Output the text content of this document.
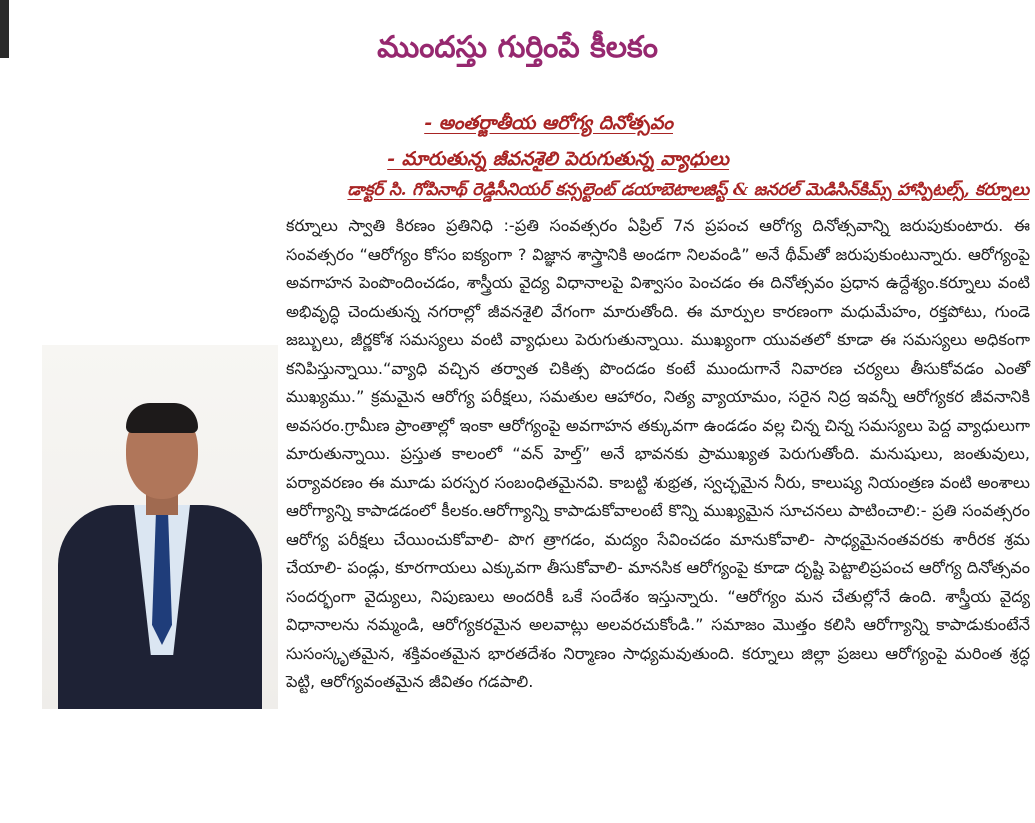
ముందస్తు గుర్తింపే కీలకం
- అంతర్జాతీయ ఆరోగ్య దినోత్సవం
- మారుతున్న జీవనశైలి పెరుగుతున్న వ్యాధులు
డాక్టర్ సి. గోపినాథ్ రెడ్డిసీనియర్ కన్సల్టెంట్ డయాబెటాలజిస్ట్ & జనరల్ మెడిసిన్‌కిమ్స్ హాస్పిటల్స్, కర్నూలు

కర్నూలు స్వాతి కిరణం ప్రతినిధి :-ప్రతి సంవత్సరం ఏప్రిల్ 7న ప్రపంచ ఆరోగ్య దినోత్సవాన్ని జరుపుకుంటారు. ఈ సంవత్సరం “ఆరోగ్యం కోసం ఐక్యంగా ? విజ్ఞాన శాస్త్రానికి అండగా నిలవండి” అనే థీమ్‌తో జరుపుకుంటున్నారు. ఆరోగ్యంపై అవగాహన పెంపొందించడం, శాస్త్రీయ వైద్య విధానాలపై విశ్వాసం పెంచడం ఈ దినోత్సవం ప్రధాన ఉద్దేశ్యం.కర్నూలు వంటి అభివృద్ధి చెందుతున్న నగరాల్లో జీవనశైలి వేగంగా మారుతోంది. ఈ మార్పుల కారణంగా మధుమేహం, రక్తపోటు, గుండె జబ్బులు, జీర్ణకోశ సమస్యలు వంటి వ్యాధులు పెరుగుతున్నాయి. ముఖ్యంగా యువతలో కూడా ఈ సమస్యలు అధికంగా కనిపిస్తున్నాయి.“వ్యాధి వచ్చిన తర్వాత చికిత్స పొందడం కంటే ముందుగానే నివారణ చర్యలు తీసుకోవడం ఎంతో ముఖ్యము.” క్రమమైన ఆరోగ్య పరీక్షలు, సమతుల ఆహారం, నిత్య వ్యాయామం, సరైన నిద్ర ఇవన్నీ ఆరోగ్యకర జీవనానికి అవసరం.గ్రామీణ ప్రాంతాల్లో ఇంకా ఆరోగ్యంపై అవగాహన తక్కువగా ఉండడం వల్ల చిన్న చిన్న సమస్యలు పెద్ద వ్యాధులుగా మారుతున్నాయి. ప్రస్తుత కాలంలో “వన్ హెల్త్” అనే భావనకు ప్రాముఖ్యత పెరుగుతోంది. మనుషులు, జంతువులు, పర్యావరణం ఈ మూడు పరస్పర సంబంధితమైనవి. కాబట్టి శుభ్రత, స్వచ్ఛమైన నీరు, కాలుష్య నియంత్రణ వంటి అంశాలు ఆరోగ్యాన్ని కాపాడడంలో కీలకం.ఆరోగ్యాన్ని కాపాడుకోవాలంటే కొన్ని ముఖ్యమైన సూచనలు పాటించాలి:- ప్రతి సంవత్సరం ఆరోగ్య పరీక్షలు చేయించుకోవాలి- పొగ త్రాగడం, మద్యం సేవించడం మానుకోవాలి- సాధ్యమైనంతవరకు శారీరక శ్రమ చేయాలి- పండ్లు, కూరగాయలు ఎక్కువగా తీసుకోవాలి- మానసిక ఆరోగ్యంపై కూడా దృష్టి పెట్టాలిప్రపంచ ఆరోగ్య దినోత్సవం సందర్భంగా వైద్యులు, నిపుణులు అందరికీ ఒకే సందేశం ఇస్తున్నారు. “ఆరోగ్యం మన చేతుల్లోనే ఉంది. శాస్త్రీయ వైద్య విధానాలను నమ్మండి, ఆరోగ్యకరమైన అలవాట్లు అలవరచుకోండి.” సమాజం మొత్తం కలిసి ఆరోగ్యాన్ని కాపాడుకుంటేనే సుసంస్కృతమైన, శక్తివంతమైన భారతదేశం నిర్మాణం సాధ్యమవుతుంది. కర్నూలు జిల్లా ప్రజలు ఆరోగ్యంపై మరింత శ్రద్ధ పెట్టి, ఆరోగ్యవంతమైన జీవితం గడపాలి.
